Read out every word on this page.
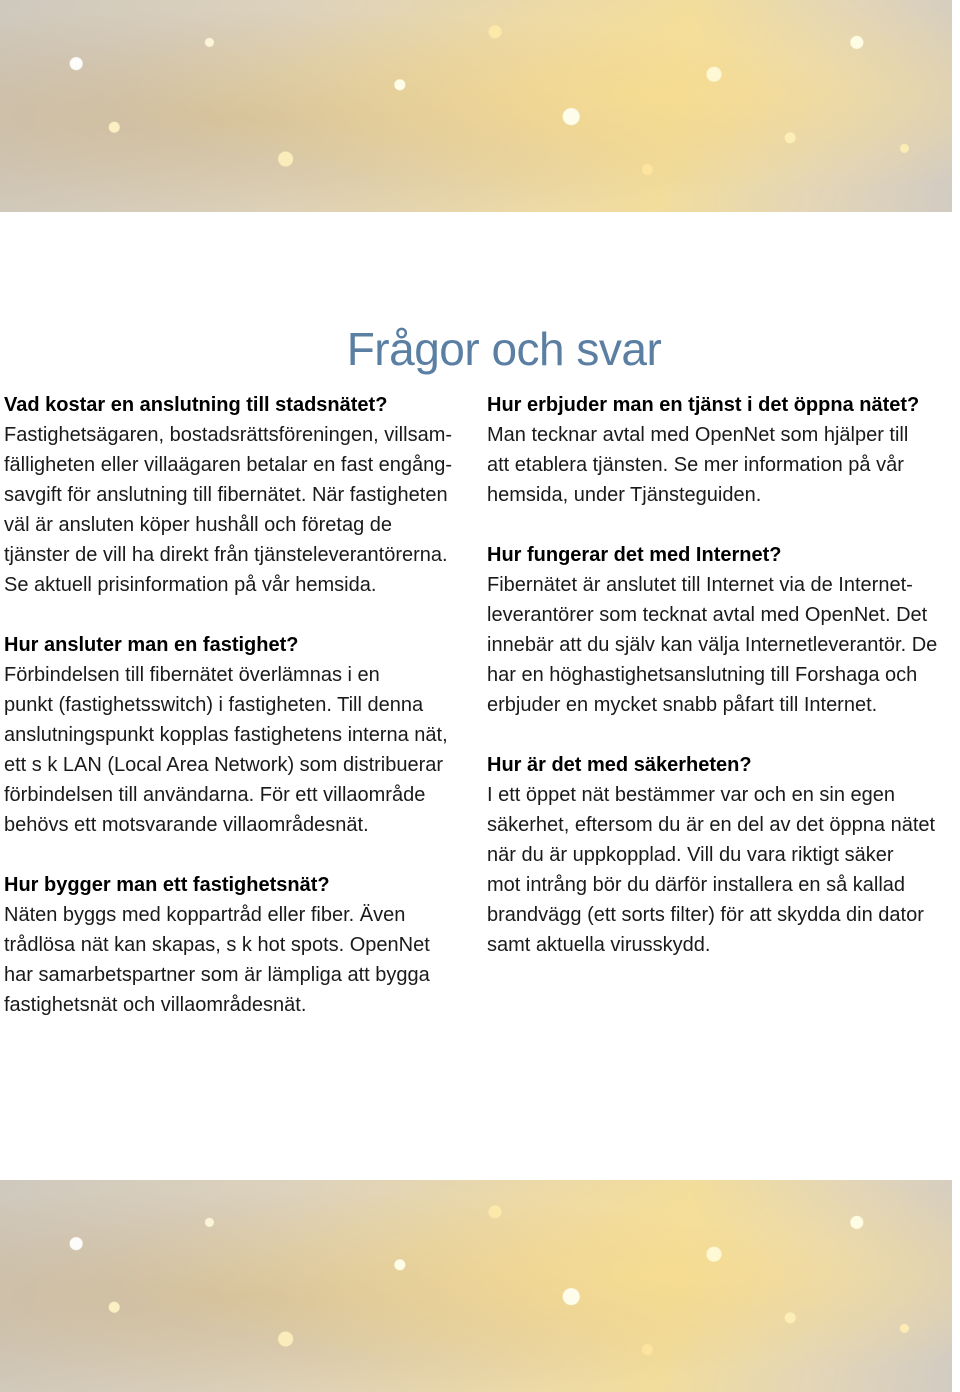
Frågor och svar

Vad kostar en anslutning till stadsnätet?

Fastighetsägaren, bostadsrättsföreningen, villsam-
fälligheten eller villaägaren betalar en fast engång-
savgift för anslutning till fibernätet. När fastigheten
väl är ansluten köper hushåll och företag de
tjänster de vill ha direkt från tjänsteleverantörerna.
Se aktuell prisinformation på vår hemsida.

Hur ansluter man en fastighet?

Förbindelsen till fibernätet överlämnas i en
punkt (fastighetsswitch) i fastigheten. Till denna
anslutningspunkt kopplas fastighetens interna nät,
ett s k LAN (Local Area Network) som distribuerar
förbindelsen till användarna. För ett villaområde
behövs ett motsvarande villaområdesnät.

Hur bygger man ett fastighetsnät?

Näten byggs med koppartråd eller fiber. Även
trådlösa nät kan skapas, s k hot spots. OpenNet
har samarbetspartner som är lämpliga att bygga
fastighetsnät och villaområdesnät.

Hur erbjuder man en tjänst i det öppna nätet?

Man tecknar avtal med OpenNet som hjälper till
att etablera tjänsten. Se mer information på vår
hemsida, under Tjänsteguiden.

Hur fungerar det med Internet?

Fibernätet är anslutet till Internet via de Internet-
leverantörer som tecknat avtal med OpenNet. Det
innebär att du själv kan välja Internetleverantör. De
har en höghastighetsanslutning till Forshaga och
erbjuder en mycket snabb påfart till Internet.

Hur är det med säkerheten?

I ett öppet nät bestämmer var och en sin egen
säkerhet, eftersom du är en del av det öppna nätet
när du är uppkopplad. Vill du vara riktigt säker
mot intrång bör du därför installera en så kallad
brandvägg (ett sorts filter) för att skydda din dator
samt aktuella virusskydd.
